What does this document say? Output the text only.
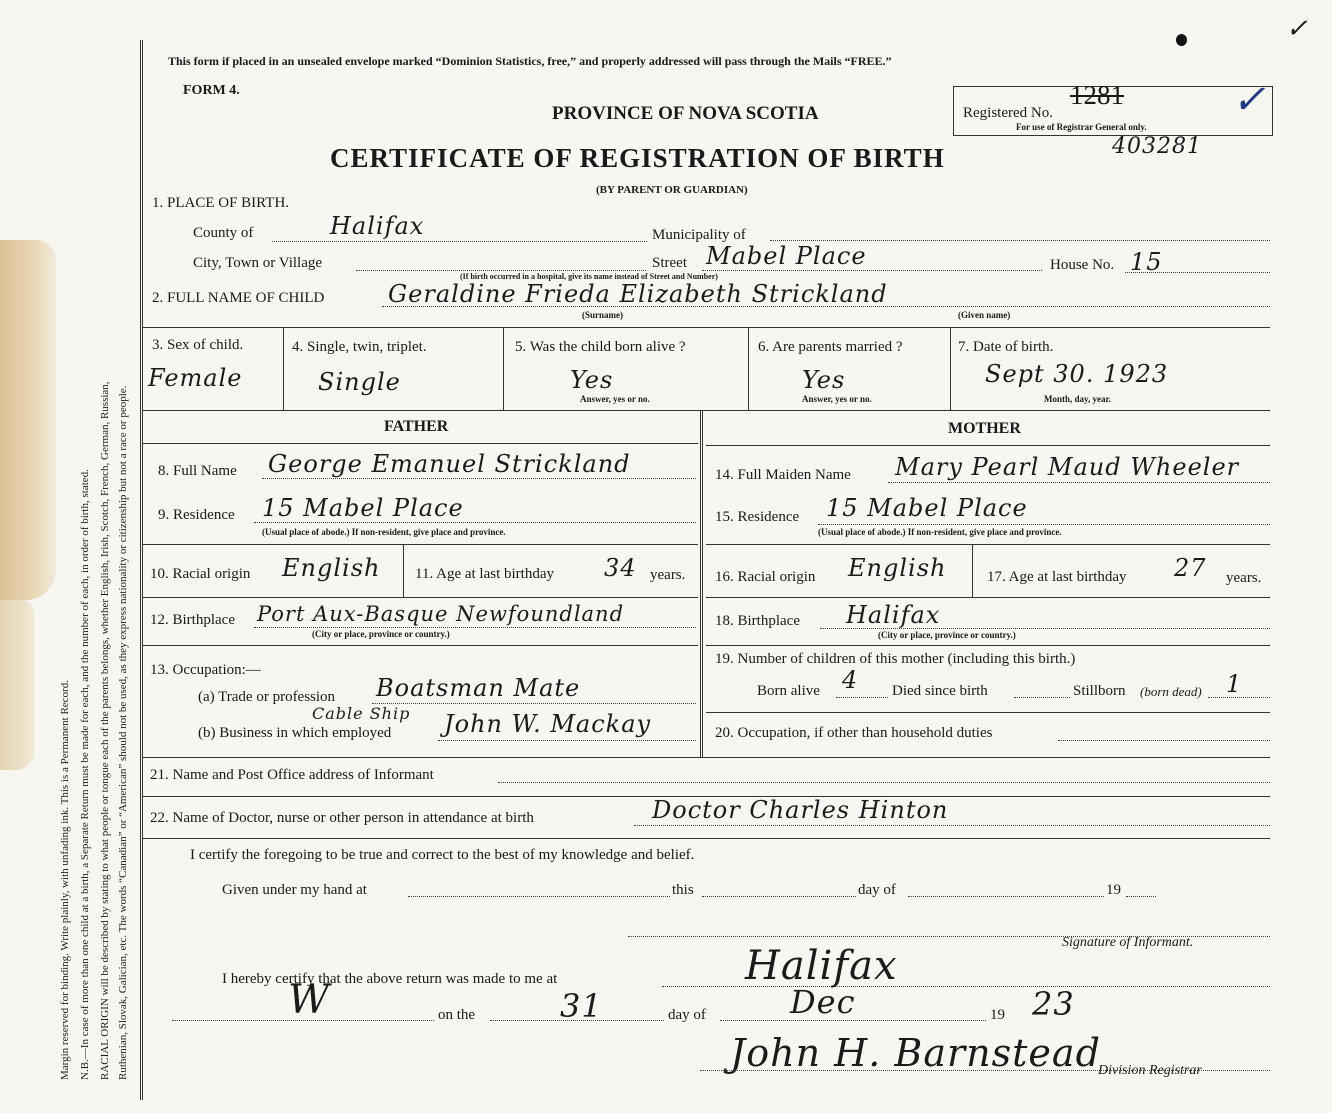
Margin reserved for binding. Write plainly, with unfading ink. This is a Permanent Record. N.B.—In case of more than one child at a birth, a Separate Return must be made for each, and the number of each, in order of birth, stated. RACIAL ORIGIN will be described by stating to what people or tongue each of the parents belongs, whether English, Irish, Scotch, French, German, Russian, Ruthenian, Slovak, Galician, etc. The words “Canadian” or “American” should not be used, as they express nationality or citizenship but not a race or people.
✓
This form if placed in an unsealed envelope marked “Dominion Statistics, free,” and properly addressed will pass through the Mails “FREE.”
FORM 4.
PROVINCE OF NOVA SCOTIA
CERTIFICATE OF REGISTRATION OF BIRTH
(BY PARENT OR GUARDIAN)
Registered No.
1281
For use of Registrar General only.
✓
403281
1. PLACE OF BIRTH.
County of	Halifax	Municipality of
City, Town or Village	Street Mabel Place	House No. 15
(If birth occurred in a hospital, give its name instead of Street and Number)
2. FULL NAME OF CHILD	Geraldine Frieda Elizabeth Strickland
(Surname)	(Given name)
3. Sex of child.
Female
4. Single, twin, triplet.
Single
5. Was the child born alive ?
Yes
Answer, yes or no.
6. Are parents married ?
Yes
Answer, yes or no.
7. Date of birth.
Sept 30. 1923
Month, day, year.
FATHER	MOTHER
8. Full Name George Emanuel Strickland
9. Residence 15 Mabel Place
(Usual place of abode.) If non-resident, give place and province.
10. Racial origin English 11. Age at last birthday 34 years.
12. Birthplace Port Aux-Basque Newfoundland
(City or place, province or country.)
13. Occupation:—
(a) Trade or profession Boatsman Mate
Cable Ship
(b) Business in which employed John W. Mackay
14. Full Maiden Name Mary Pearl Maud Wheeler
15. Residence 15 Mabel Place
(Usual place of abode.) If non-resident, give place and province.
16. Racial origin English	17. Age at last birthday 27 years.
18. Birthplace Halifax
(City or place, province or country.)
19. Number of children of this mother (including this birth.)
Born alive 4 Died since birth	Stillborn (born dead) 1
20. Occupation, if other than household duties
21. Name and Post Office address of Informant
22. Name of Doctor, nurse or other person in attendance at birth	Doctor Charles Hinton
I certify the foregoing to be true and correct to the best of my knowledge and belief.
Given under my hand at	this	day of	19
Signature of Informant.
I hereby certify that the above return was made to me at	Halifax
W	on the	31	day of	Dec	19 23
John H. Barnstead
Division Registrar
